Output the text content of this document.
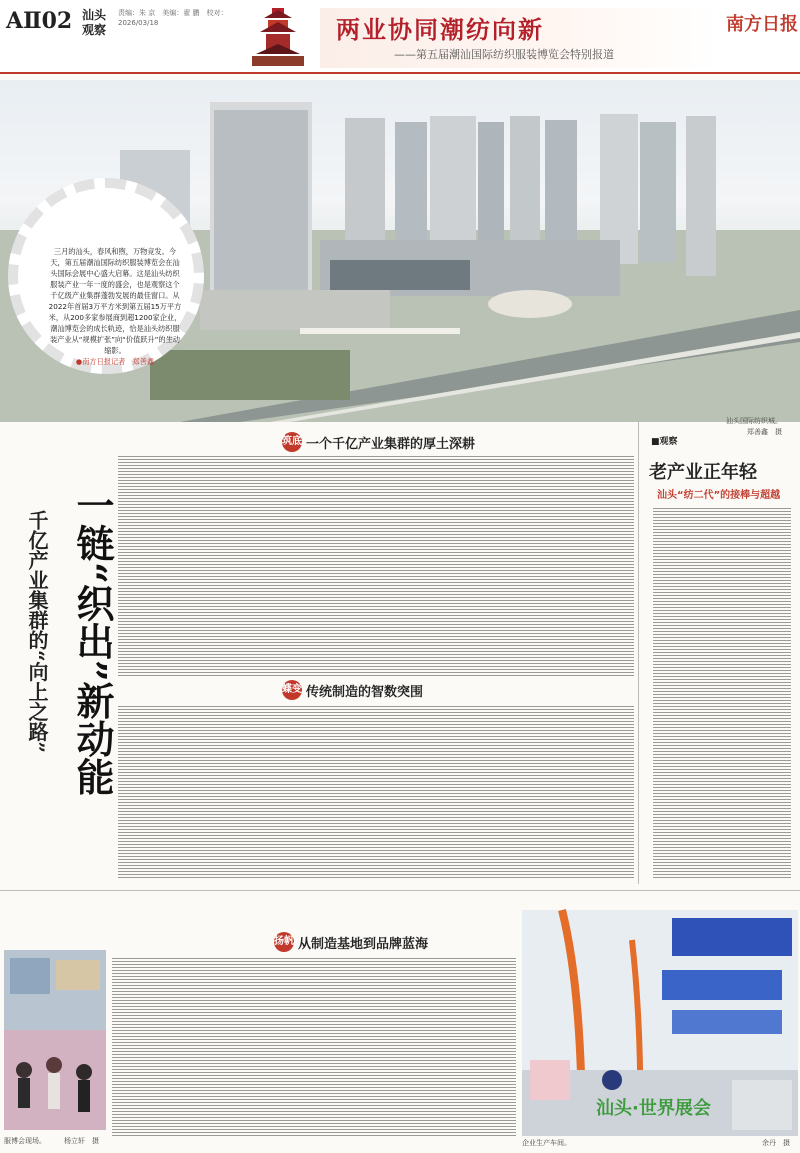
AⅡ02 汕头观察
责编：朱 京　美编：翟 鹏　校对：
2026/03/18	两业协同潮纺向新
——第五届潮汕国际纺织服装博览会特别报道
南方日报
汕头国际纺织城。
郑善鑫　摄
三月的汕头，春风和煦，万物竞发。今天，第五届潮汕国际纺织服装博览会在汕头国际会展中心盛大启幕。这是汕头纺织服装产业一年一度的盛会，也是观察这个千亿级产业集群蓬勃发展的最佳窗口。从2022年首届3万平方米到第五届15万平方米，从200多家参展商到超1200家企业，潮汕博览会的成长轨迹，恰是汕头纺织服装产业从“规模扩张”向“价值跃升”的生动缩影。
●南方日报记者　郑善鑫
一链“织出”新动能
千亿产业集群的“向上之路”
筑底 一个千亿产业集群的厚土深耕
蝶变 传统制造的智数突围
■观察
老产业正年轻
汕头“纺二代”的接棒与超越
扬帆 从制造基地到品牌蓝海
服博会现场。	杨立轩　摄
汕头·世界展会
企业生产车间。	余丹　摄
